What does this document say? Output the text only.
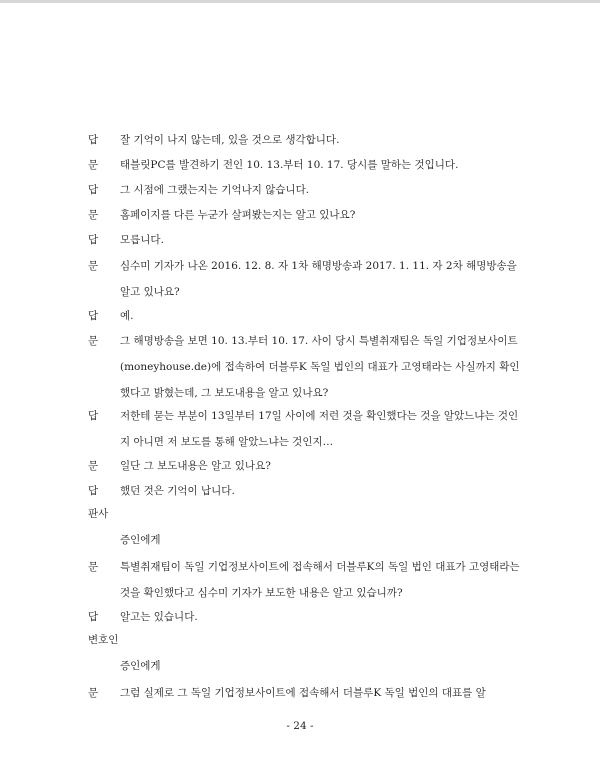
답	잘 기억이 나지 않는데, 있을 것으로 생각합니다.
문	태블릿PC를 발견하기 전인 10. 13.부터 10. 17. 당시를 말하는 것입니다.
답	그 시점에 그랬는지는 기억나지 않습니다.
문	홈페이지를 다른 누군가 살펴봤는지는 알고 있나요?
답	모릅니다.
문	심수미 기자가 나온 2016. 12. 8. 자 1차 해명방송과 2017. 1. 11. 자 2차 해명방송을 알고 있나요?
답	예.
문	그 해명방송을 보면 10. 13.부터 10. 17. 사이 당시 특별취재팀은 독일 기업정보사이트(moneyhouse.de)에 접속하여 더블루K 독일 법인의 대표가 고영태라는 사실까지 확인했다고 밝혔는데, 그 보도내용을 알고 있나요?
답	저한테 묻는 부분이 13일부터 17일 사이에 저런 것을 확인했다는 것을 알았느냐는 것인지 아니면 저 보도를 통해 알았느냐는 것인지…
문	일단 그 보도내용은 알고 있나요?
답	했던 것은 기억이 납니다.
판사
증인에게
문	특별취재팀이 독일 기업정보사이트에 접속해서 더블루K의 독일 법인 대표가 고영태라는 것을 확인했다고 심수미 기자가 보도한 내용은 알고 있습니까?
답	알고는 있습니다.
변호인
증인에게
문	그럼 실제로 그 독일 기업정보사이트에 접속해서 더블루K 독일 법인의 대표를 알
- 24 -
